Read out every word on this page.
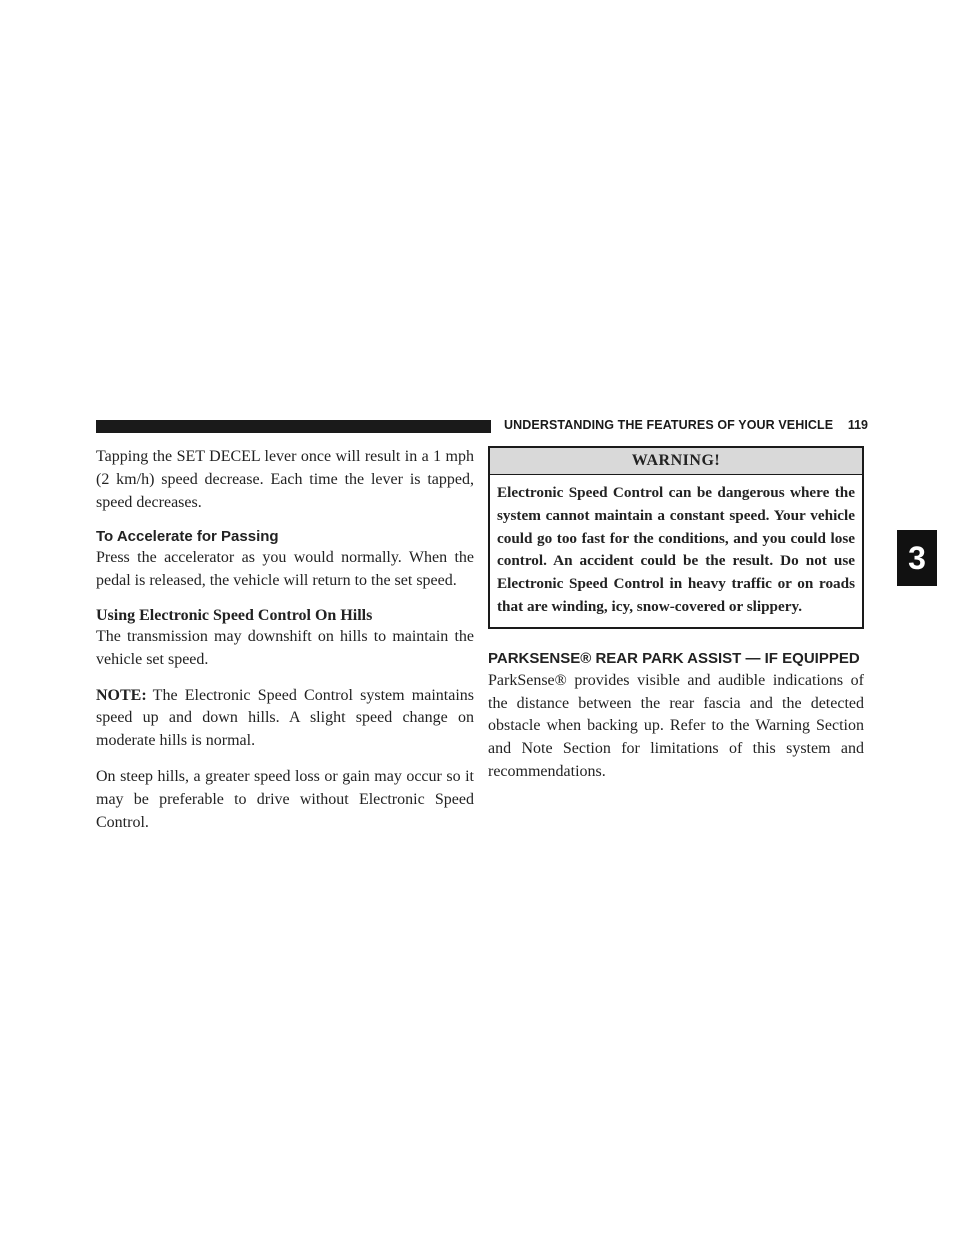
UNDERSTANDING THE FEATURES OF YOUR VEHICLE	119
3

Tapping the SET DECEL lever once will result in a 1 mph (2 km/h) speed decrease. Each time the lever is tapped, speed decreases.

To Accelerate for Passing

Press the accelerator as you would normally. When the pedal is released, the vehicle will return to the set speed.

Using Electronic Speed Control On Hills

The transmission may downshift on hills to maintain the vehicle set speed.

NOTE: The Electronic Speed Control system maintains speed up and down hills. A slight speed change on moderate hills is normal.

On steep hills, a greater speed loss or gain may occur so it may be preferable to drive without Electronic Speed Control.

WARNING!
Electronic Speed Control can be dangerous where the system cannot maintain a constant speed. Your vehicle could go too fast for the conditions, and you could lose control. An accident could be the result. Do not use Electronic Speed Control in heavy traffic or on roads that are winding, icy, snow-covered or slippery.
PARKSENSE® REAR PARK ASSIST — IF EQUIPPED

ParkSense® provides visible and audible indications of the distance between the rear fascia and the detected obstacle when backing up. Refer to the Warning Section and Note Section for limitations of this system and recommendations.
